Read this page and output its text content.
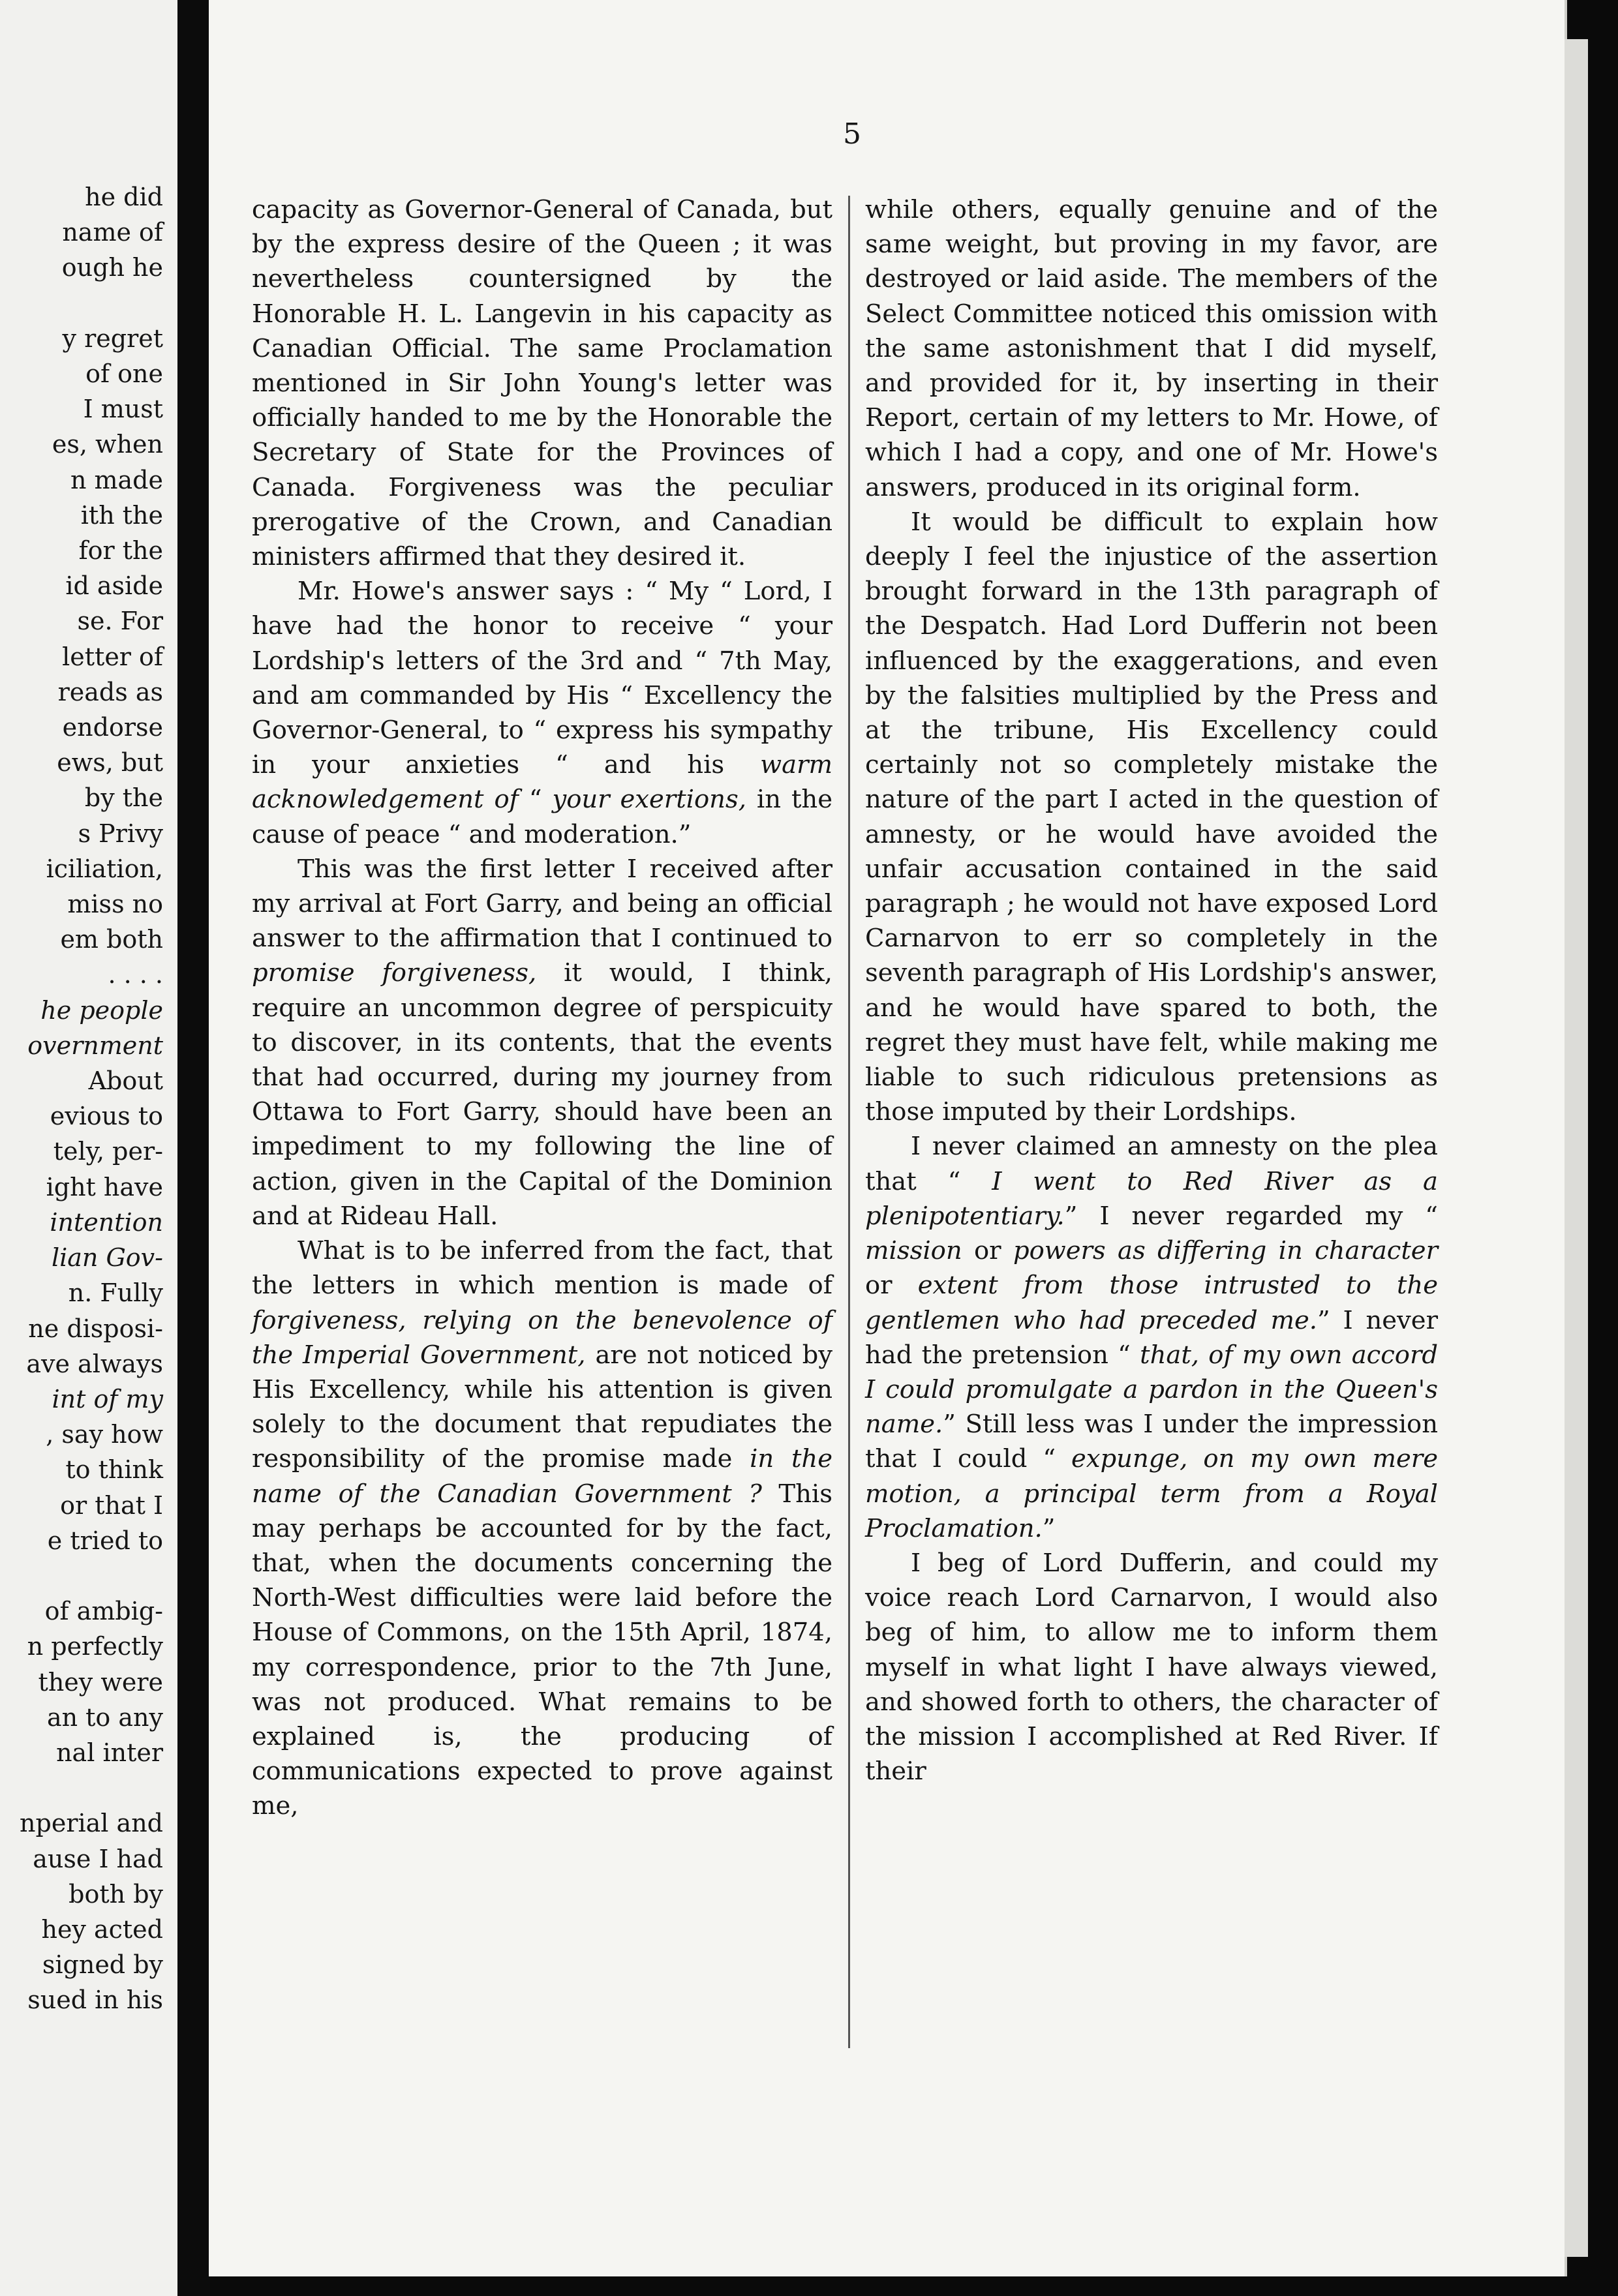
he did
name of
ough he

y regret
of one
I must
es, when
n made
ith the
for the
id aside
se. For
letter of
reads as
endorse
ews, but
by the
s Privy
iciliation,
miss no
em both
. . . .
he people
overnment
About
evious to
tely, per-
ight have
intention
lian Gov-
n. Fully
ne disposi-
ave always
int of my
, say how
to think
or that I
e tried to

of ambig-
n perfectly
they were
an to any
nal inter

nperial and
ause I had
both by
hey acted
signed by
sued in his
5

capacity as Governor-General of Canada, but by the express desire of the Queen ; it was nevertheless countersigned by the Honorable H. L. Langevin in his capacity as Canadian Official. The same Proclamation mentioned in Sir John Young's letter was officially handed to me by the Honorable the Secretary of State for the Provinces of Canada. Forgiveness was the peculiar prerogative of the Crown, and Canadian ministers affirmed that they desired it.

Mr. Howe's answer says : “ My “ Lord, I have had the honor to receive “ your Lordship's letters of the 3rd and “ 7th May, and am commanded by His “ Excellency the Governor-General, to “ express his sympathy in your anxieties “ and his warm acknowledgement of “ your exertions, in the cause of peace “ and moderation.”

This was the first letter I received after my arrival at Fort Garry, and being an official answer to the affirmation that I continued to promise forgiveness, it would, I think, require an uncommon degree of perspicuity to discover, in its contents, that the events that had occurred, during my journey from Ottawa to Fort Garry, should have been an impediment to my following the line of action, given in the Capital of the Dominion and at Rideau Hall.

What is to be inferred from the fact, that the letters in which mention is made of forgiveness, relying on the benevolence of the Imperial Government, are not noticed by His Excellency, while his attention is given solely to the document that repudiates the responsibility of the promise made in the name of the Canadian Government ? This may perhaps be accounted for by the fact, that, when the documents concerning the North-West difficulties were laid before the House of Commons, on the 15th April, 1874, my correspondence, prior to the 7th June, was not produced. What remains to be explained is, the producing of communications expected to prove against me,

while others, equally genuine and of the same weight, but proving in my favor, are destroyed or laid aside. The members of the Select Committee noticed this omission with the same astonishment that I did myself, and provided for it, by inserting in their Report, certain of my letters to Mr. Howe, of which I had a copy, and one of Mr. Howe's answers, produced in its original form.

It would be difficult to explain how deeply I feel the injustice of the assertion brought forward in the 13th paragraph of the Despatch. Had Lord Dufferin not been influenced by the exaggerations, and even by the falsities multiplied by the Press and at the tribune, His Excellency could certainly not so completely mistake the nature of the part I acted in the question of amnesty, or he would have avoided the unfair accusation contained in the said paragraph ; he would not have exposed Lord Carnarvon to err so completely in the seventh paragraph of His Lordship's answer, and he would have spared to both, the regret they must have felt, while making me liable to such ridiculous pretensions as those imputed by their Lordships.

I never claimed an amnesty on the plea that “ I went to Red River as a plenipotentiary.” I never regarded my “ mission or powers as differing in character or extent from those intrusted to the gentlemen who had preceded me.” I never had the pretension “ that, of my own accord I could promulgate a pardon in the Queen's name.” Still less was I under the impression that I could “ expunge, on my own mere motion, a principal term from a Royal Proclamation.”

I beg of Lord Dufferin, and could my voice reach Lord Carnarvon, I would also beg of him, to allow me to inform them myself in what light I have always viewed, and showed forth to others, the character of the mission I accomplished at Red River. If their
